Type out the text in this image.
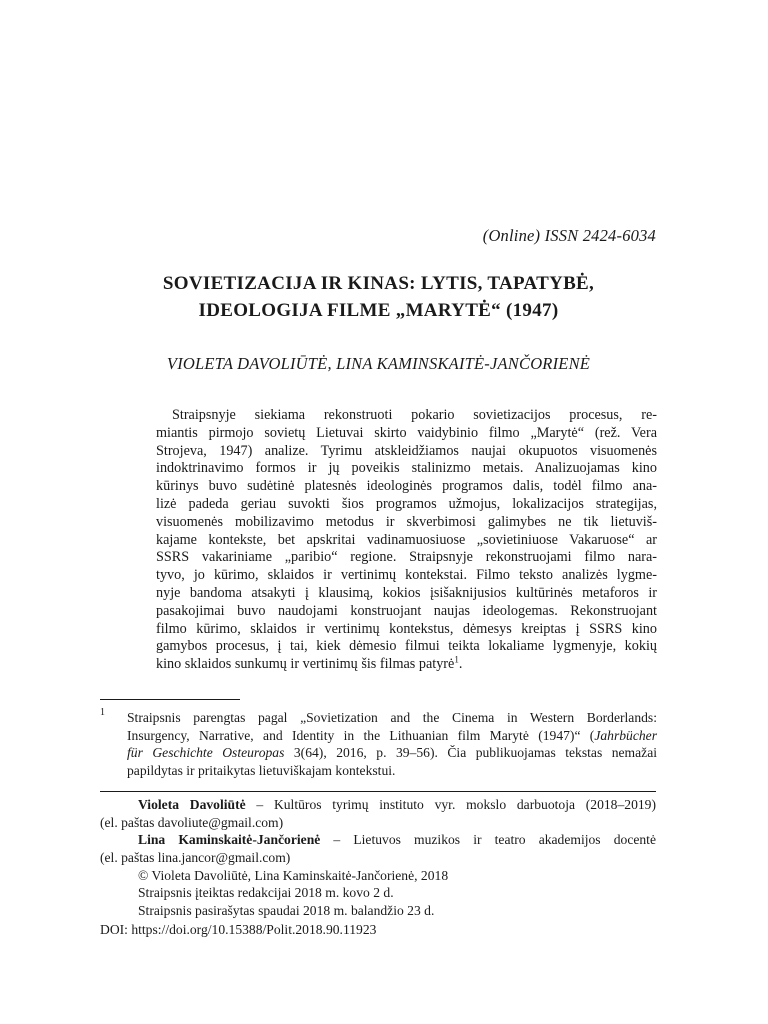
(Online) ISSN 2424-6034
SOVIETIZACIJA IR KINAS: LYTIS, TAPATYBĖ,
IDEOLOGIJA FILME „MARYTĖ“ (1947)
VIOLETA DAVOLIŪTĖ, LINA KAMINSKAITĖ-JANČORIENĖ
Straipsnyje siekiama rekonstruoti pokario sovietizacijos procesus, re-
miantis pirmojo sovietų Lietuvai skirto vaidybinio filmo „Marytė“ (rež. Vera
Strojeva, 1947) analize. Tyrimu atskleidžiamos naujai okupuotos visuomenės
indoktrinavimo formos ir jų poveikis stalinizmo metais. Analizuojamas kino
kūrinys buvo sudėtinė platesnės ideologinės programos dalis, todėl filmo ana-
lizė padeda geriau suvokti šios programos užmojus, lokalizacijos strategijas,
visuomenės mobilizavimo metodus ir skverbimosi galimybes ne tik lietuviš-
kajame kontekste, bet apskritai vadinamuosiuose „sovietiniuose Vakaruose“ ar
SSRS vakariniame „paribio“ regione. Straipsnyje rekonstruojami filmo nara-
tyvo, jo kūrimo, sklaidos ir vertinimų kontekstai. Filmo teksto analizės lygme-
nyje bandoma atsakyti į klausimą, kokios įsišaknijusios kultūrinės metaforos ir
pasakojimai buvo naudojami konstruojant naujas ideologemas. Rekonstruojant
filmo kūrimo, sklaidos ir vertinimų kontekstus, dėmesys kreiptas į SSRS kino
gamybos procesus, į tai, kiek dėmesio filmui teikta lokaliame lygmenyje, kokių
kino sklaidos sunkumų ir vertinimų šis filmas patyrė$^1$.
1 Straipsnis parengtas pagal „Sovietization and the Cinema in Western Borderlands:
Insurgency, Narrative, and Identity in the Lithuanian film Marytė (1947)“ (Jahrbücher
für Geschichte Osteuropas 3(64), 2016, p. 39–56). Čia publikuojamas tekstas nemažai
papildytas ir pritaikytas lietuviškajam kontekstui.
Violeta Davoliūtė – Kultūros tyrimų instituto vyr. mokslo darbuotoja (2018–2019)
(el. paštas davoliute@gmail.com)
Lina Kaminskaitė-Jančorienė – Lietuvos muzikos ir teatro akademijos docentė
(el. paštas lina.jancor@gmail.com)
© Violeta Davoliūtė, Lina Kaminskaitė-Jančorienė, 2018
Straipsnis įteiktas redakcijai 2018 m. kovo 2 d.
Straipsnis pasirašytas spaudai 2018 m. balandžio 23 d.
DOI: https://doi.org/10.15388/Polit.2018.90.11923
